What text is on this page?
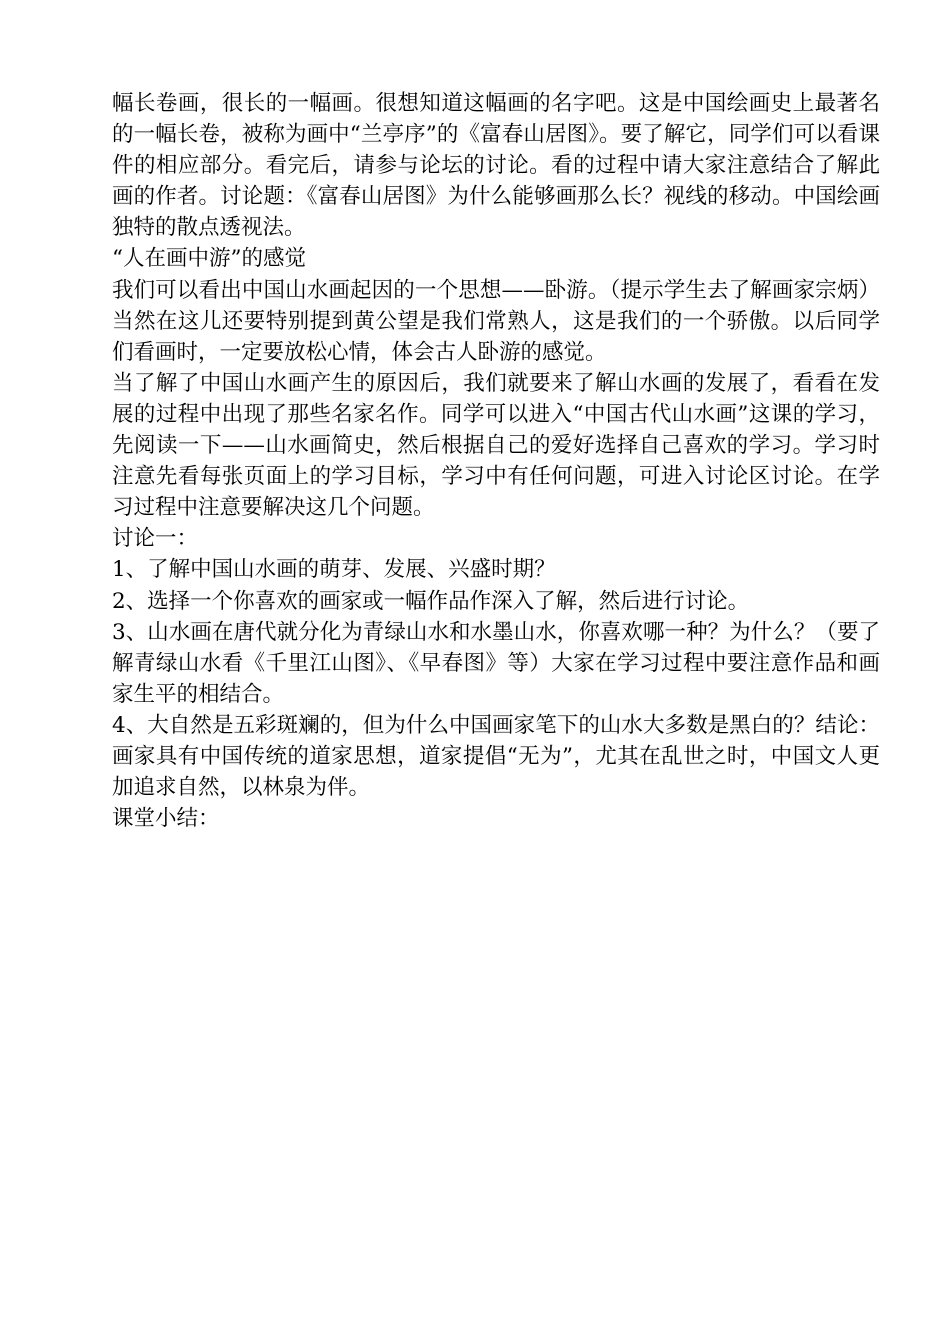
幅长卷画，很长的一幅画。很想知道这幅画的名字吧。这是中国绘画史上最著名的一幅长卷，被称为画中“兰亭序”的《富春山居图》。要了解它，同学们可以看课件的相应部分。看完后，请参与论坛的讨论。看的过程中请大家注意结合了解此画的作者。讨论题：《富春山居图》为什么能够画那么长？视线的移动。中国绘画独特的散点透视法。

“人在画中游”的感觉

我们可以看出中国山水画起因的一个思想——卧游。（提示学生去了解画家宗炳）当然在这儿还要特别提到黄公望是我们常熟人，这是我们的一个骄傲。以后同学们看画时，一定要放松心情，体会古人卧游的感觉。

当了解了中国山水画产生的原因后，我们就要来了解山水画的发展了，看看在发展的过程中出现了那些名家名作。同学可以进入“中国古代山水画”这课的学习，先阅读一下——山水画简史，然后根据自己的爱好选择自己喜欢的学习。学习时注意先看每张页面上的学习目标，学习中有任何问题，可进入讨论区讨论。在学习过程中注意要解决这几个问题。

讨论一：

1、了解中国山水画的萌芽、发展、兴盛时期？

2、选择一个你喜欢的画家或一幅作品作深入了解，然后进行讨论。

3、山水画在唐代就分化为青绿山水和水墨山水，你喜欢哪一种？为什么？（要了解青绿山水看《千里江山图》、《早春图》等）大家在学习过程中要注意作品和画家生平的相结合。

4、大自然是五彩斑斓的，但为什么中国画家笔下的山水大多数是黑白的？结论：画家具有中国传统的道家思想，道家提倡“无为”，尤其在乱世之时，中国文人更加追求自然，以林泉为伴。

课堂小结：
